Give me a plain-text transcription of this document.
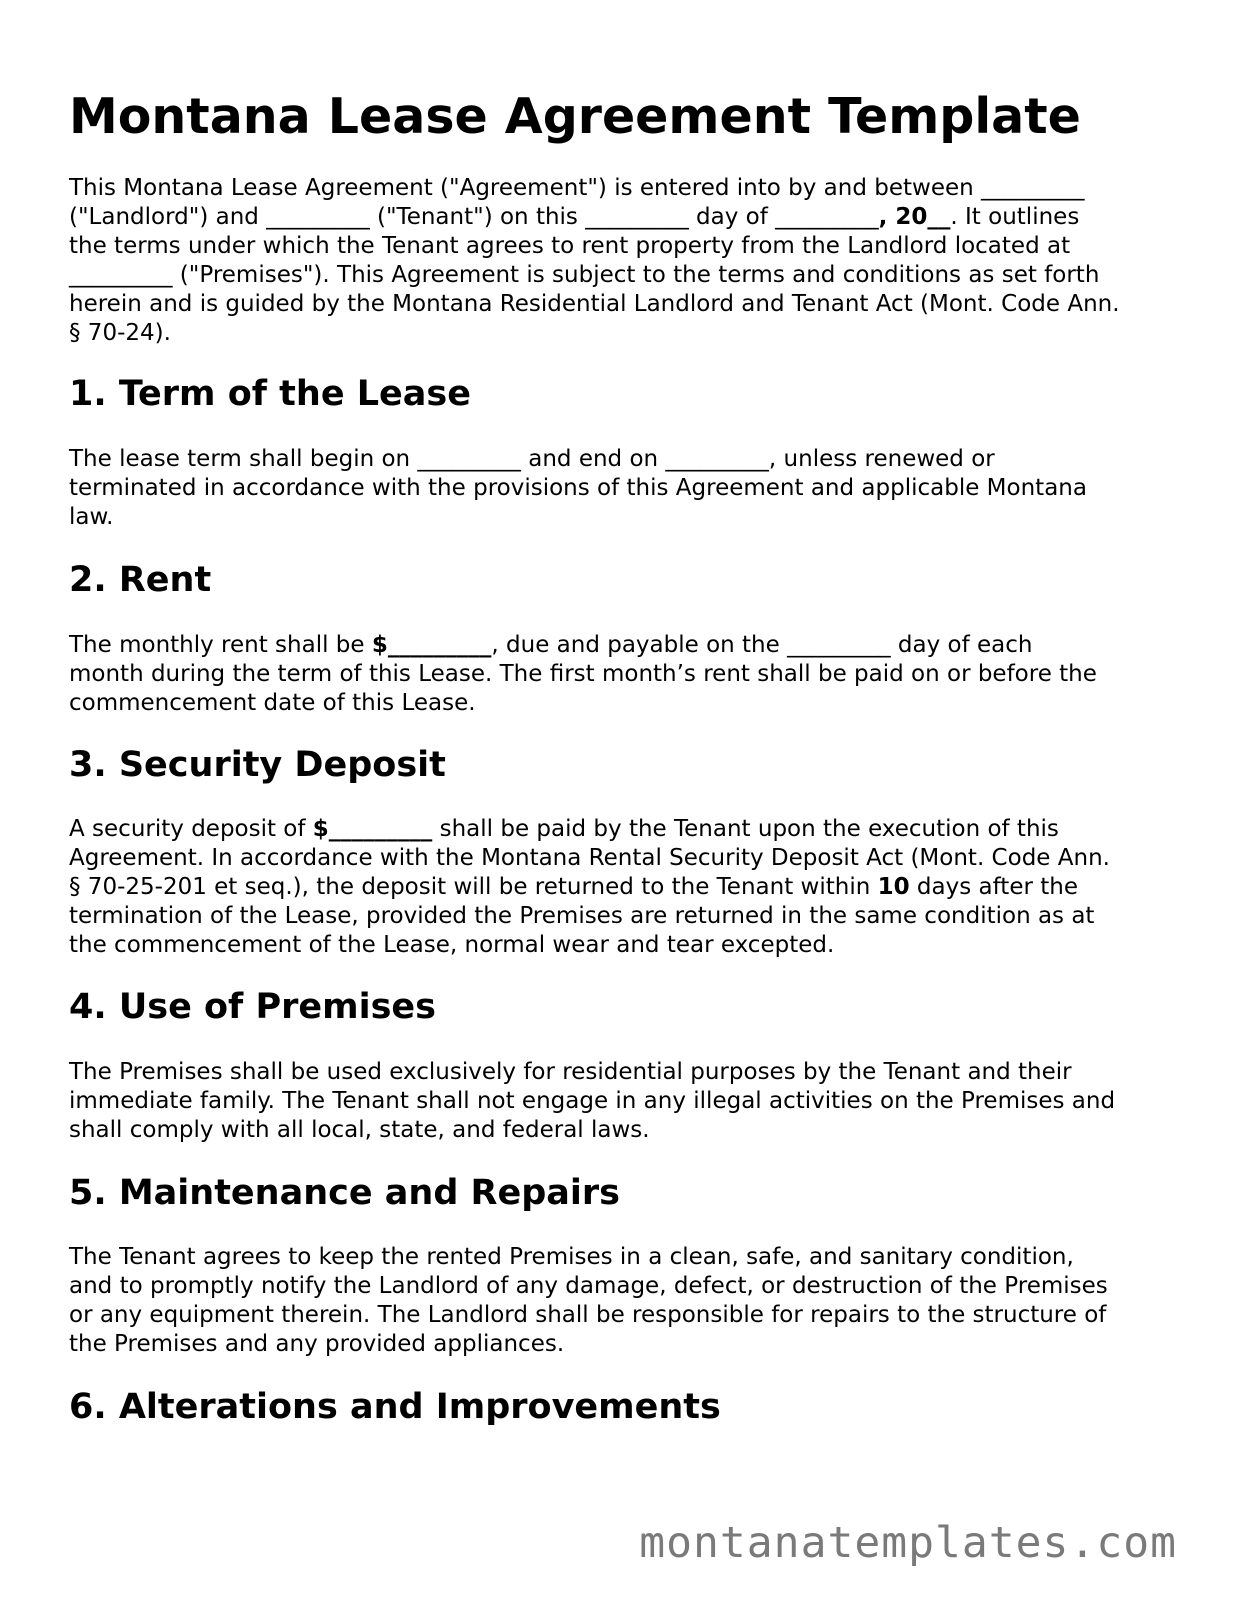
Montana Lease Agreement Template

This Montana Lease Agreement ("Agreement") is entered into by and between _________
("Landlord") and _________ ("Tenant") on this _________ day of _________, 20__. It outlines
the terms under which the Tenant agrees to rent property from the Landlord located at
_________ ("Premises"). This Agreement is subject to the terms and conditions as set forth
herein and is guided by the Montana Residential Landlord and Tenant Act (Mont. Code Ann.
§ 70-24).

1. Term of the Lease

The lease term shall begin on _________ and end on _________, unless renewed or
terminated in accordance with the provisions of this Agreement and applicable Montana
law.

2. Rent

The monthly rent shall be $_________, due and payable on the _________ day of each
month during the term of this Lease. The first month’s rent shall be paid on or before the
commencement date of this Lease.

3. Security Deposit

A security deposit of $_________ shall be paid by the Tenant upon the execution of this
Agreement. In accordance with the Montana Rental Security Deposit Act (Mont. Code Ann.
§ 70-25-201 et seq.), the deposit will be returned to the Tenant within 10 days after the
termination of the Lease, provided the Premises are returned in the same condition as at
the commencement of the Lease, normal wear and tear excepted.

4. Use of Premises

The Premises shall be used exclusively for residential purposes by the Tenant and their
immediate family. The Tenant shall not engage in any illegal activities on the Premises and
shall comply with all local, state, and federal laws.

5. Maintenance and Repairs

The Tenant agrees to keep the rented Premises in a clean, safe, and sanitary condition,
and to promptly notify the Landlord of any damage, defect, or destruction of the Premises
or any equipment therein. The Landlord shall be responsible for repairs to the structure of
the Premises and any provided appliances.

6. Alterations and Improvements
montanatemplates.com
